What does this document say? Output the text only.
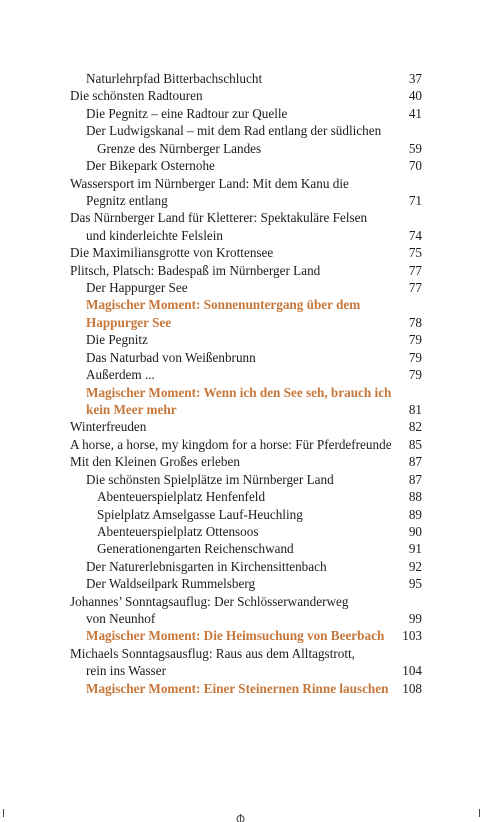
Naturlehrpfad Bitterbachschlucht	37
Die schönsten Radtouren	40
Die Pegnitz – eine Radtour zur Quelle	41
Der Ludwigskanal – mit dem Rad entlang der südlichen
Grenze des Nürnberger Landes	59
Der Bikepark Osternohe	70
Wassersport im Nürnberger Land: Mit dem Kanu die
Pegnitz entlang	71
Das Nürnberger Land für Kletterer: Spektakuläre Felsen
und kinderleichte Felslein	74
Die Maximiliansgrotte von Krottensee	75
Plitsch, Platsch: Badespaß im Nürnberger Land	77
Der Happurger See	77
Magischer Moment: Sonnenuntergang über dem
Happurger See	78
Die Pegnitz	79
Das Naturbad von Weißenbrunn	79
Außerdem ...	79
Magischer Moment: Wenn ich den See seh, brauch ich
kein Meer mehr	81
Winterfreuden	82
A horse, a horse, my kingdom for a horse: Für Pferdefreunde 85
Mit den Kleinen Großes erleben	87
Die schönsten Spielplätze im Nürnberger Land	87
Abenteuerspielplatz Henfenfeld	88
Spielplatz Amselgasse Lauf-Heuchling	89
Abenteuerspielplatz Ottensoos	90
Generationengarten Reichenschwand	91
Der Naturerlebnisgarten in Kirchensittenbach	92
Der Waldseilpark Rummelsberg	95
Johannes’ Sonntagsauflug: Der Schlösserwanderweg
von Neunhof	99
Magischer Moment: Die Heimsuchung von Beerbach 103
Michaels Sonntagsausflug: Raus aus dem Alltagstrott,
rein ins Wasser	104
Magischer Moment: Einer Steinernen Rinne lauschen 108
